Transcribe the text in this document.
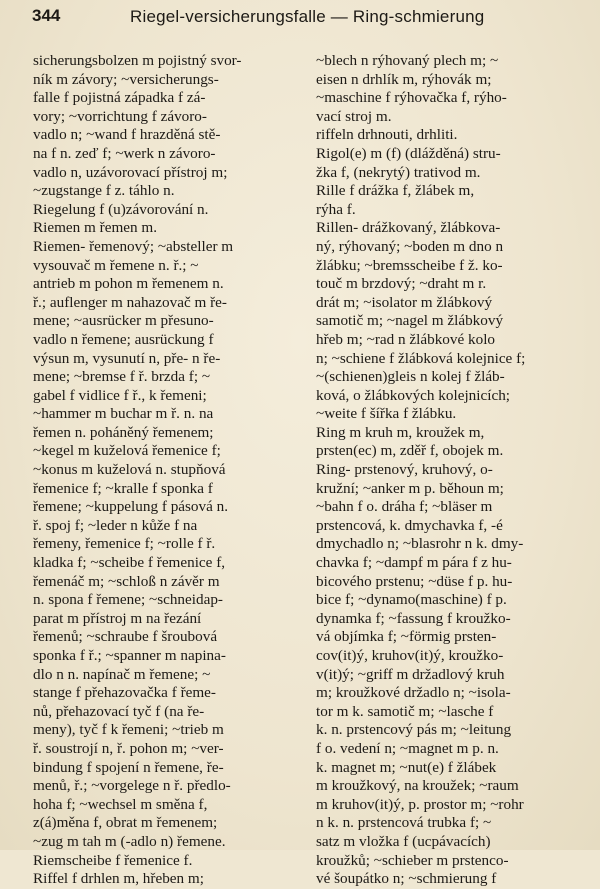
344	Riegel-versicherungsfalle — Ring-schmierung
sicherungsbolzen m pojistný svor-
ník m závory; ~versicherungs-
falle f pojistná západka f zá-
vory; ~vorrichtung f závoro-
vadlo n; ~wand f hrazděná stě-
na f n. zeď f; ~werk n závoro-
vadlo n, uzávorovací přístroj m;
~zugstange f z. táhlo n.
Riegelung f (u)závorování n.
Riemen m řemen m.
Riemen- řemenový; ~absteller m
vysouvač m řemene n. ř.; ~
antrieb m pohon m řemenem n.
ř.; auflenger m nahazovač m ře-
mene; ~ausrücker m přesuno-
vadlo n řemene; ausrückung f
výsun m, vysunutí n, pře- n ře-
mene; ~bremse f ř. brzda f; ~
gabel f vidlice f ř., k řemeni;
~hammer m buchar m ř. n. na
řemen n. poháněný řemenem;
~kegel m kuželová řemenice f;
~konus m kuželová n. stupňová
řemenice f; ~kralle f sponka f
řemene; ~kuppelung f pásová n.
ř. spoj f; ~leder n kůže f na
řemeny, řemenice f; ~rolle f ř.
kladka f; ~scheibe f řemenice f,
řemenáč m; ~schloß n závěr m
n. spona f řemene; ~schneidap-
parat m přístroj m na řezání
řemenů; ~schraube f šroubová
sponka f ř.; ~spanner m napina-
dlo n n. napínač m řemene; ~
stange f přehazovačka f řeme-
nů, přehazovací tyč f (na ře-
meny), tyč f k řemeni; ~trieb m
ř. soustrojí n, ř. pohon m; ~ver-
bindung f spojení n řemene, ře-
menů, ř.; ~vorgelege n ř. předlo-
hoha f; ~wechsel m směna f,
z(á)měna f, obrat m řemenem;
~zug m tah m (-adlo n) řemene.
Riemscheibe f řemenice f.
Riffel f drhlen m, hřeben m;
~blech n rýhovaný plech m; ~
eisen n drhlík m, rýhovák m;
~maschine f rýhovačka f, rýho-
vací stroj m.
riffeln drhnouti, drhliti.
Rigol(e) m (f) (dlážděná) stru-
žka f, (nekrytý) trativod m.
Rille f drážka f, žlábek m,
rýha f.
Rillen- drážkovaný, žlábkova-
ný, rýhovaný; ~boden m dno n
žlábku; ~bremsscheibe f ž. ko-
touč m brzdový; ~draht m r.
drát m; ~isolator m žlábkový
samotič m; ~nagel m žlábkový
hřeb m; ~rad n žlábkové kolo
n; ~schiene f žlábková kolejnice f;
~(schienen)gleis n kolej f žláb-
ková, o žlábkových kolejnicích;
~weite f šířka f žlábku.
Ring m kruh m, kroužek m,
prsten(ec) m, zděř f, obojek m.
Ring- prstenový, kruhový, o-
kružní; ~anker m p. běhoun m;
~bahn f o. dráha f; ~bläser m
prstencová, k. dmychavka f, -é
dmychadlo n; ~blasrohr n k. dmy-
chavka f; ~dampf m pára f z hu-
bicového prstenu; ~düse f p. hu-
bice f; ~dynamo(maschine) f p.
dynamka f; ~fassung f kroužko-
vá objímka f; ~förmig prsten-
cov(it)ý, kruhov(it)ý, kroužko-
v(it)ý; ~griff m držadlový kruh
m; kroužkové držadlo n; ~isola-
tor m k. samotič m; ~lasche f
k. n. prstencový pás m; ~leitung
f o. vedení n; ~magnet m p. n.
k. magnet m; ~nut(e) f žlábek
m kroužkový, na kroužek; ~raum
m kruhov(it)ý, p. prostor m; ~rohr
n k. n. prstencová trubka f; ~
satz m vložka f (ucpávacích)
kroužků; ~schieber m prstenco-
vé šoupátko n; ~schmierung f
